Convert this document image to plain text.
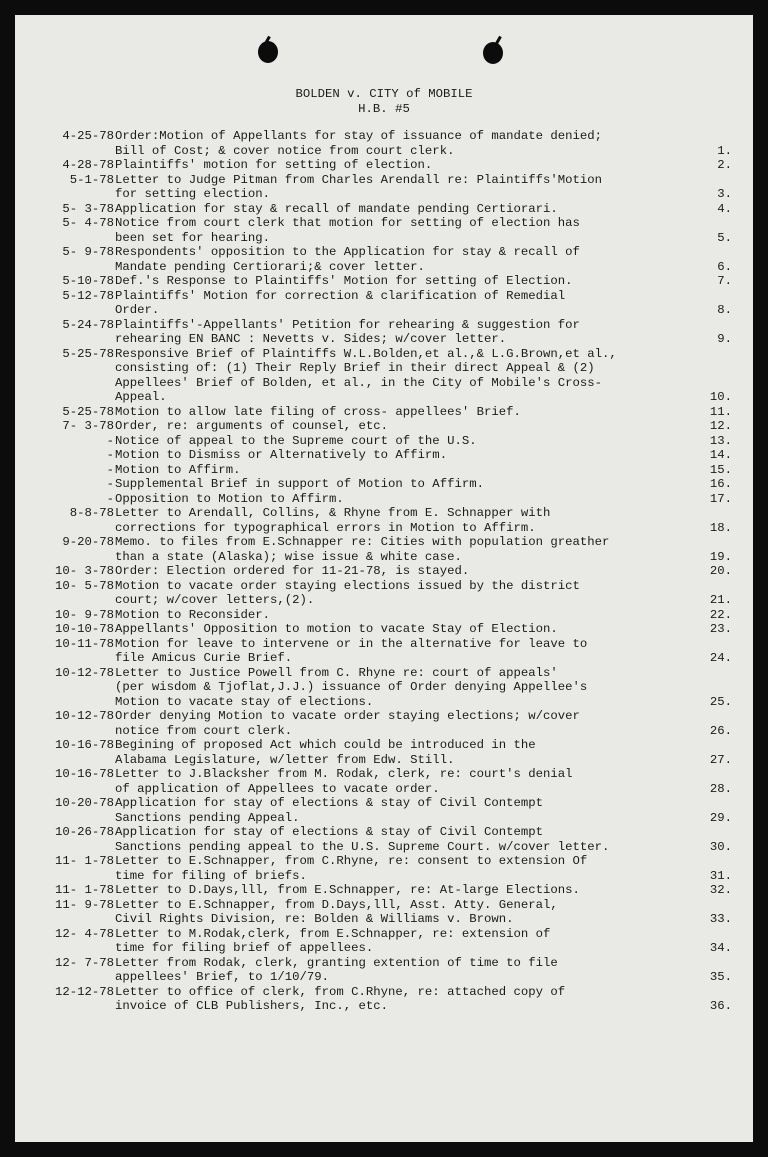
BOLDEN v. CITY of MOBILE
H.B. #5
4-25-78 Order:Motion of Appellants for stay of issuance of mandate denied;
Bill of Cost; & cover notice from court clerk.	1.
4-28-78 Plaintiffs' motion for setting of election.	2.
5-1-78 Letter to Judge Pitman from Charles Arendall re: Plaintiffs'Motion
for setting election.	3.
5- 3-78 Application for stay & recall of mandate pending Certiorari.	4.
5- 4-78 Notice from court clerk that motion for setting of election has
been set for hearing.	5.
5- 9-78 Respondents' opposition to the Application for stay & recall of
Mandate pending Certiorari;& cover letter.	6.
5-10-78 Def.'s Response to Plaintiffs' Motion for setting of Election.	7.
5-12-78 Plaintiffs' Motion for correction & clarification of Remedial
Order.	8.
5-24-78 Plaintiffs'-Appellants' Petition for rehearing & suggestion for
rehearing EN BANC : Nevetts v. Sides; w/cover letter.	9.
5-25-78 Responsive Brief of Plaintiffs W.L.Bolden,et al.,& L.G.Brown,et al.,
consisting of: (1) Their Reply Brief in their direct Appeal & (2)
Appellees' Brief of Bolden, et al., in the City of Mobile's Cross-
Appeal.	10.
5-25-78 Motion to allow late filing of cross- appellees' Brief.	11.
7- 3-78 Order, re: arguments of counsel, etc.	12.
- Notice of appeal to the Supreme court of the U.S.	13.
- Motion to Dismiss or Alternatively to Affirm.	14.
- Motion to Affirm.	15.
- Supplemental Brief in support of Motion to Affirm.	16.
- Opposition to Motion to Affirm.	17.
8-8-78 Letter to Arendall, Collins, & Rhyne from E. Schnapper with
corrections for typographical errors in Motion to Affirm.	18.
9-20-78 Memo. to files from E.Schnapper re: Cities with population greather
than a state (Alaska); wise issue & white case.	19.
10- 3-78 Order: Election ordered for 11-21-78, is stayed.	20.
10- 5-78 Motion to vacate order staying elections issued by the district
court; w/cover letters,(2).	21.
10- 9-78 Motion to Reconsider.	22.
10-10-78 Appellants' Opposition to motion to vacate Stay of Election.	23.
10-11-78 Motion for leave to intervene or in the alternative for leave to
file Amicus Curie Brief.	24.
10-12-78 Letter to Justice Powell from C. Rhyne re: court of appeals'
(per wisdom & Tjoflat,J.J.) issuance of Order denying Appellee's
Motion to vacate stay of elections.	25.
10-12-78 Order denying Motion to vacate order staying elections; w/cover
notice from court clerk.	26.
10-16-78 Begining of proposed Act which could be introduced in the
Alabama Legislature, w/letter from Edw. Still.	27.
10-16-78 Letter to J.Blacksher from M. Rodak, clerk, re: court's denial
of application of Appellees to vacate order.	28.
10-20-78 Application for stay of elections & stay of Civil Contempt
Sanctions pending Appeal.	29.
10-26-78 Application for stay of elections & stay of Civil Contempt
Sanctions pending appeal to the U.S. Supreme Court. w/cover letter.	30.
11- 1-78 Letter to E.Schnapper, from C.Rhyne, re: consent to extension Of
time for filing of briefs.	31.
11- 1-78 Letter to D.Days,lll, from E.Schnapper, re: At-large Elections.	32.
11- 9-78 Letter to E.Schnapper, from D.Days,lll, Asst. Atty. General,
Civil Rights Division, re: Bolden & Williams v. Brown.	33.
12- 4-78 Letter to M.Rodak,clerk, from E.Schnapper, re: extension of
time for filing brief of appellees.	34.
12- 7-78 Letter from Rodak, clerk, granting extention of time to file
appellees' Brief, to 1/10/79.	35.
12-12-78 Letter to office of clerk, from C.Rhyne, re: attached copy of
invoice of CLB Publishers, Inc., etc.	36.
